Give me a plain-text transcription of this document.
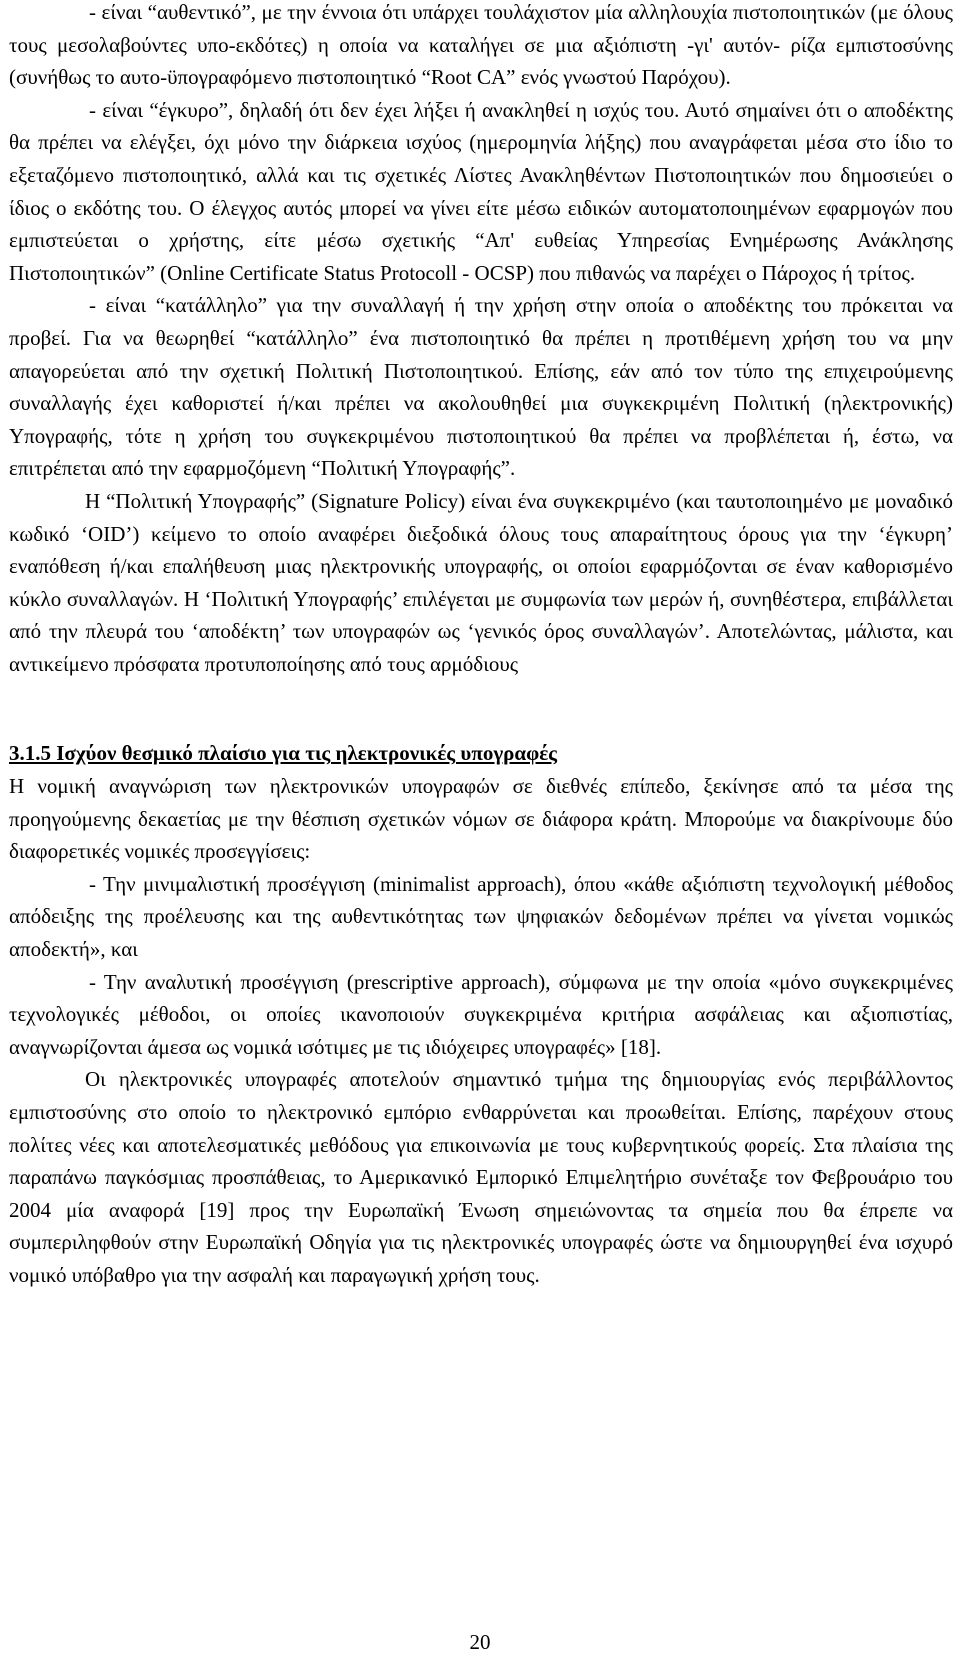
- είναι “αυθεντικό”, με την έννοια ότι υπάρχει τουλάχιστον μία αλληλουχία πιστοποιητικών (με όλους τους μεσολαβούντες υπο-εκδότες) η οποία να καταλήγει σε μια αξιόπιστη -γι' αυτόν- ρίζα εμπιστοσύνης (συνήθως το αυτο-ϋπογραφόμενο πιστοποιητικό “Root CA” ενός γνωστού Παρόχου).

- είναι “έγκυρο”, δηλαδή ότι δεν έχει λήξει ή ανακληθεί η ισχύς του. Αυτό σημαίνει ότι ο αποδέκτης θα πρέπει να ελέγξει, όχι μόνο την διάρκεια ισχύος (ημερομηνία λήξης) που αναγράφεται μέσα στο ίδιο το εξεταζόμενο πιστοποιητικό, αλλά και τις σχετικές Λίστες Ανακληθέντων Πιστοποιητικών που δημοσιεύει ο ίδιος ο εκδότης του. Ο έλεγχος αυτός μπορεί να γίνει είτε μέσω ειδικών αυτοματοποιημένων εφαρμογών που εμπιστεύεται ο χρήστης, είτε μέσω σχετικής “Απ' ευθείας Υπηρεσίας Ενημέρωσης Ανάκλησης Πιστοποιητικών” (Online Certificate Status Protocoll - OCSP) που πιθανώς να παρέχει ο Πάροχος ή τρίτος.

- είναι “κατάλληλο” για την συναλλαγή ή την χρήση στην οποία ο αποδέκτης του πρόκειται να προβεί. Για να θεωρηθεί “κατάλληλο” ένα πιστοποιητικό θα πρέπει η προτιθέμενη χρήση του να μην απαγορεύεται από την σχετική Πολιτική Πιστοποιητικού. Επίσης, εάν από τον τύπο της επιχειρούμενης συναλλαγής έχει καθοριστεί ή/και πρέπει να ακολουθηθεί μια συγκεκριμένη Πολιτική (ηλεκτρονικής) Υπογραφής, τότε η χρήση του συγκεκριμένου πιστοποιητικού θα πρέπει να προβλέπεται ή, έστω, να επιτρέπεται από την εφαρμοζόμενη “Πολιτική Υπογραφής”.

Η “Πολιτική Υπογραφής” (Signature Policy) είναι ένα συγκεκριμένο (και ταυτοποιημένο με μοναδικό κωδικό ‘OID’) κείμενο το οποίο αναφέρει διεξοδικά όλους τους απαραίτητους όρους για την ‘έγκυρη’ εναπόθεση ή/και επαλήθευση μιας ηλεκτρονικής υπογραφής, οι οποίοι εφαρμόζονται σε έναν καθορισμένο κύκλο συναλλαγών. Η ‘Πολιτική Υπογραφής’ επιλέγεται με συμφωνία των μερών ή, συνηθέστερα, επιβάλλεται από την πλευρά του ‘αποδέκτη’ των υπογραφών ως ‘γενικός όρος συναλλαγών’. Αποτελώντας, μάλιστα, και αντικείμενο πρόσφατα προτυποποίησης από τους αρμόδιους

3.1.5 Ισχύον θεσμικό πλαίσιο για τις ηλεκτρονικές υπογραφές

Η νομική αναγνώριση των ηλεκτρονικών υπογραφών σε διεθνές επίπεδο, ξεκίνησε από τα μέσα της προηγούμενης δεκαετίας με την θέσπιση σχετικών νόμων σε διάφορα κράτη. Μπορούμε να διακρίνουμε δύο διαφορετικές νομικές προσεγγίσεις:

- Την μινιμαλιστική προσέγγιση (minimalist approach), όπου «κάθε αξιόπιστη τεχνολογική μέθοδος απόδειξης της προέλευσης και της αυθεντικότητας των ψηφιακών δεδομένων πρέπει να γίνεται νομικώς αποδεκτή», και

- Την αναλυτική προσέγγιση (prescriptive approach), σύμφωνα με την οποία «μόνο συγκεκριμένες τεχνολογικές μέθοδοι, οι οποίες ικανοποιούν συγκεκριμένα κριτήρια ασφάλειας και αξιοπιστίας, αναγνωρίζονται άμεσα ως νομικά ισότιμες με τις ιδιόχειρες υπογραφές» [18].

Οι ηλεκτρονικές υπογραφές αποτελούν σημαντικό τμήμα της δημιουργίας ενός περιβάλλοντος εμπιστοσύνης στο οποίο το ηλεκτρονικό εμπόριο ενθαρρύνεται και προωθείται. Επίσης, παρέχουν στους πολίτες νέες και αποτελεσματικές μεθόδους για επικοινωνία με τους κυβερνητικούς φορείς. Στα πλαίσια της παραπάνω παγκόσμιας προσπάθειας, το Αμερικανικό Εμπορικό Επιμελητήριο συνέταξε τον Φεβρουάριο του 2004 μία αναφορά [19] προς την Ευρωπαϊκή Ένωση σημειώνοντας τα σημεία που θα έπρεπε να συμπεριληφθούν στην Ευρωπαϊκή Οδηγία για τις ηλεκτρονικές υπογραφές ώστε να δημιουργηθεί ένα ισχυρό νομικό υπόβαθρο για την ασφαλή και παραγωγική χρήση τους.

20
